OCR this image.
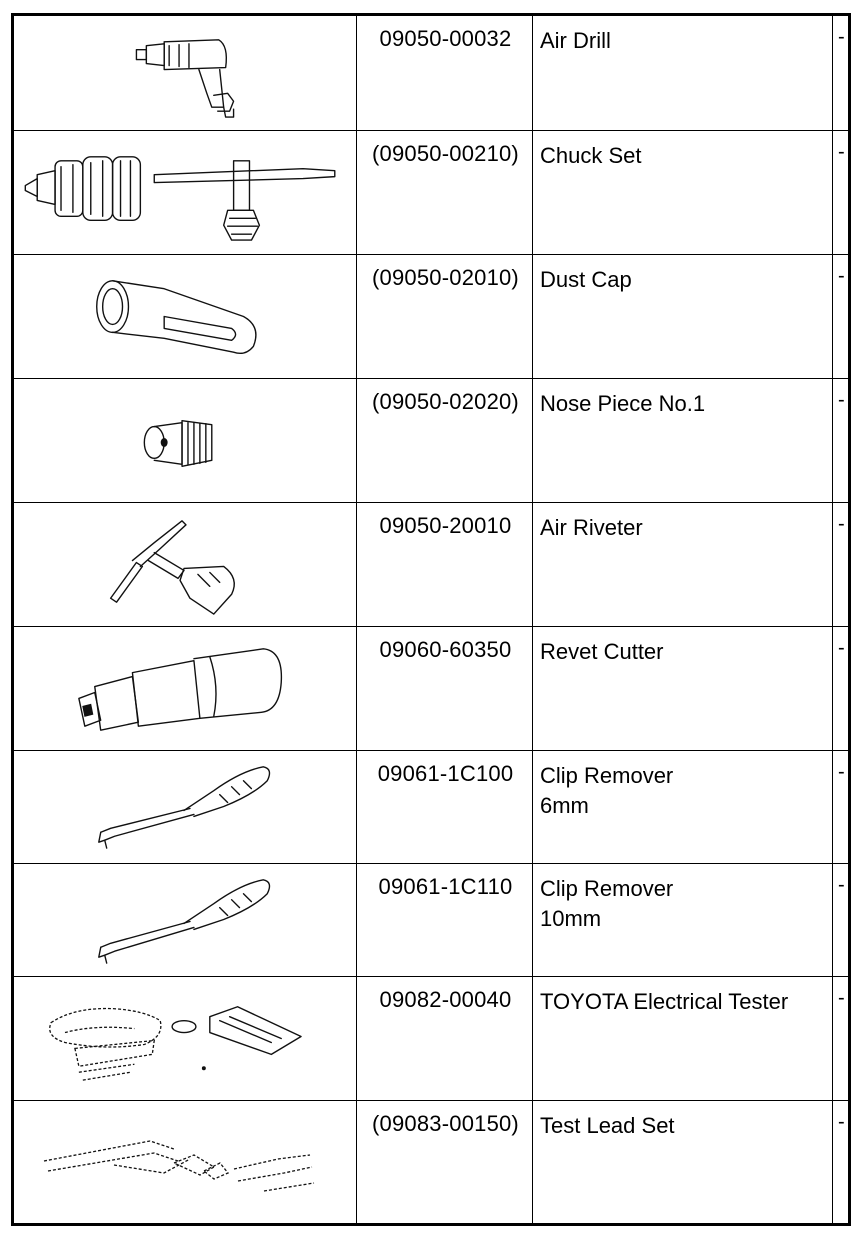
09050-00032	Air Drill	-
(09050-00210) Chuck Set	-
(09050-02010) Dust Cap	-
(09050-02020) Nose Piece No.1	-
09050-20010	Air Riveter	-
09060-60350	Revet Cutter	-
09061-1C100	Clip Remover
6mm
-
09061-1C110	Clip Remover
10mm
-
09082-00040	TOYOTA Electrical Tester	-
(09083-00150) Test Lead Set	-
